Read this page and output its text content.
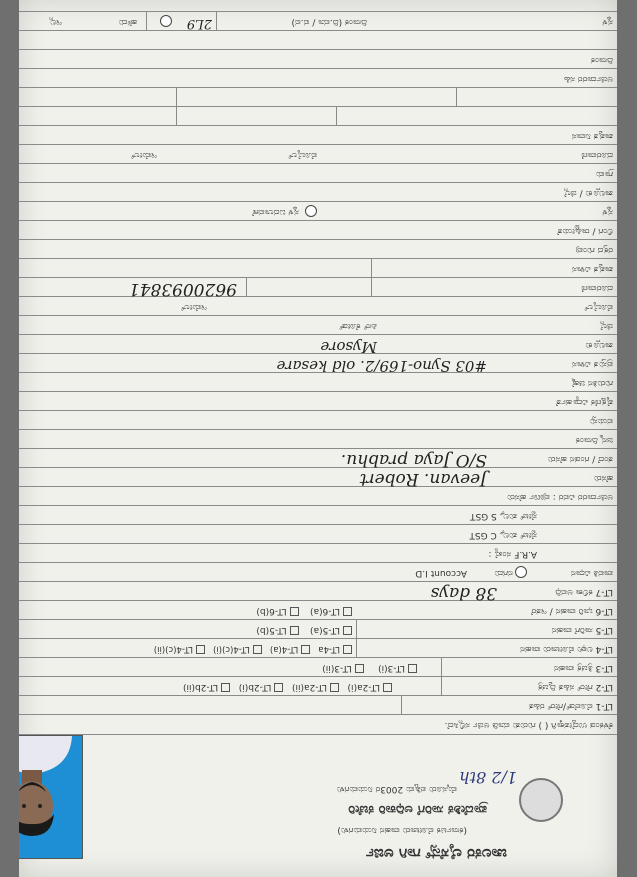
ಚಾಲಕರ ಲೈಸೆನ್ಸ್ ಗಾಗಿ ಅರ್ಜಿ
(ಕರ್ನಾಟಕ ಮೋಟಾರು ವಾಹನ ನಿಯಮಗಳು)
ಪ್ರಾದೇಶಿಕ ಸಾರಿಗೆ ಅಧಿಕಾರಿ ಕಚೇರಿ
ಮೈಸೂರು ಪಶ್ಚಿಮ 2003ರ ನಿಯಮಗಳು
1/2 8th
ಕೆಳಕಂಡ ಉದ್ದೇಶಕ್ಕಾಗಿ ( ) ಗುರುತು ಮಾಡಿ ಅರ್ಜಿ ಸಲ್ಲಿಸಿದೆ.
LT-1 ಮೊಪೆಡ್/ಗೇರ್ ರಹಿತ
LT-2 ಗೇರ್ ಸಹಿತ ದ್ವಿಚಕ್ರ
LT-2a(i)   LT-2a(ii)   LT-2b(i)   LT-2b(ii)
LT-3 ತ್ರಿಚಕ್ರ ವಾಹನ
LT-3(i)     LT-3(ii)
LT-4 ಲಘು ಮೋಟಾರು ವಾಹನ
LT-4a   LT-4(a)   LT-4(c)(i)   LT-4(c)(ii)
LT-5 ಸಾರಿಗೆ ವಾಹನ
LT-5(a)    LT-5(b)
LT-6 ಭಾರಿ ವಾಹನ / ಇತರೆ
LT-6(a)    LT-6(b)
LT-7 ಕಲಿಕಾ ಅವಧಿ
38 days
ಪಾವತಿ ವಿಧಾನ
ನಗದು
Account I.D
A.R.F ಸಂಖ್ಯೆ :
ಸ್ಟೇಟ್ ಶುಲ್ಕ, C GST
ಸ್ಟೇಟ್ ಶುಲ್ಕ, S GST
ಅರ್ಜಿದಾರರ ವಿವರ : ಪೂರ್ಣ ಹೆಸರು
ಹೆಸರು
Jeevan. Robert
ತಂದೆ / ಗಂಡನ ಹೆಸರು
S/O Jaya prabhu.
ಜನ್ಮ ದಿನಾಂಕ
ವಯಸ್ಸು
ಶೈಕ್ಷಣಿಕ ವಿದ್ಯಾರ್ಹತೆ
ಗುರುತಿನ ಚಿಹ್ನೆ
ಪ್ರಸ್ತುತ ವಿಳಾಸ
#03 Syno-169/2. old kesare
ತಾಲ್ಲೂಕು
Mysore
ಜಿಲ್ಲೆ
ಪಿನ್ ಕೋಡ್
ಮೊಬೈಲ್
ಇಮೇಲ್
ದೂರವಾಣಿ
9620093841
ಶಾಶ್ವತ ವಿಳಾಸ
ರಕ್ತದ ಗುಂಪು
ಲಿಂಗ / ರಾಷ್ಟ್ರೀಯತೆ
ಸ್ಥಳ
ಸ್ಥಳ ಬದಲಾವಣೆ
ತಾಲ್ಲೂಕು / ಜಿಲ್ಲೆ
ಗ್ರಾಮ
ದೂರವಾಣಿ
ಮೊಬೈಲ್
ಇಮೇಲ್
ಶಾಶ್ವತ ನಿವಾಸ
ಅರ್ಜಿದಾರರ ಸಹಿ
ದಿನಾಂಕ
ಸ್ಥಳ
ದಿನಾಂಕ (ದಿ.ಮಾ / ವ.ವ)
2L9
ಹೌದು
ಇಲ್ಲ
